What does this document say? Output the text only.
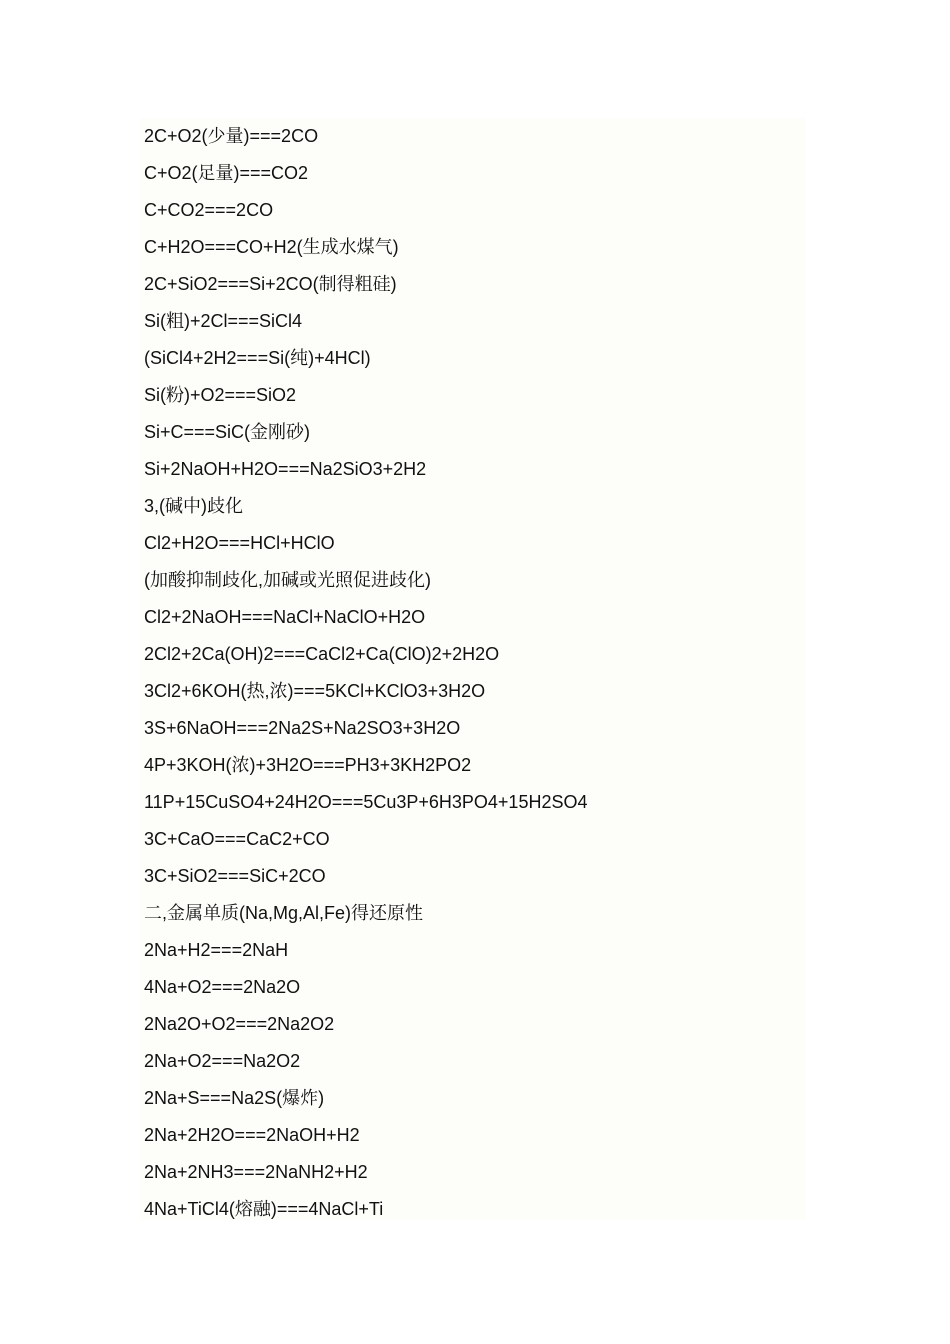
2C+O2(少量)===2CO
C+O2(足量)===CO2
C+CO2===2CO
C+H2O===CO+H2(生成水煤气)
2C+SiO2===Si+2CO(制得粗硅)
Si(粗)+2Cl===SiCl4
(SiCl4+2H2===Si(纯)+4HCl)
Si(粉)+O2===SiO2
Si+C===SiC(金刚砂)
Si+2NaOH+H2O===Na2SiO3+2H2
3,(碱中)歧化
Cl2+H2O===HCl+HClO
(加酸抑制歧化,加碱或光照促进歧化)
Cl2+2NaOH===NaCl+NaClO+H2O
2Cl2+2Ca(OH)2===CaCl2+Ca(ClO)2+2H2O
3Cl2+6KOH(热,浓)===5KCl+KClO3+3H2O
3S+6NaOH===2Na2S+Na2SO3+3H2O
4P+3KOH(浓)+3H2O===PH3+3KH2PO2
11P+15CuSO4+24H2O===5Cu3P+6H3PO4+15H2SO4
3C+CaO===CaC2+CO
3C+SiO2===SiC+2CO
二,金属单质(Na,Mg,Al,Fe)得还原性
2Na+H2===2NaH
4Na+O2===2Na2O
2Na2O+O2===2Na2O2
2Na+O2===Na2O2
2Na+S===Na2S(爆炸)
2Na+2H2O===2NaOH+H2
2Na+2NH3===2NaNH2+H2
4Na+TiCl4(熔融)===4NaCl+Ti
